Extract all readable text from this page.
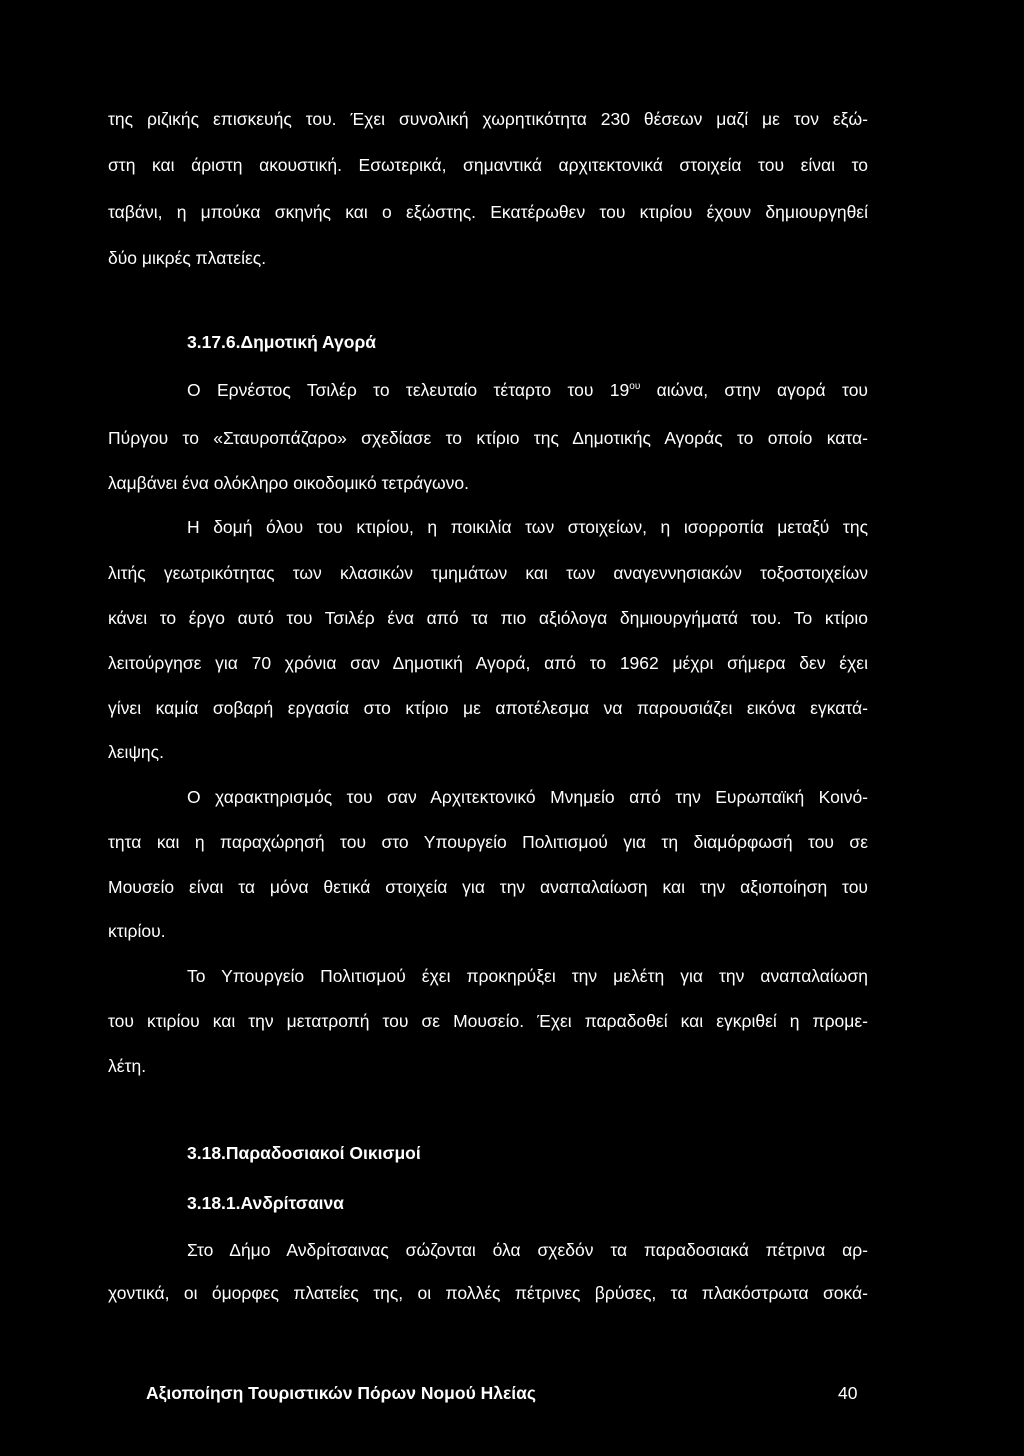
της ριζικής επισκευής του. Έχει συνολική χωρητικότητα 230 θέσεων μαζί με τον εξώ-
στη και άριστη ακουστική. Εσωτερικά, σημαντικά αρχιτεκτονικά στοιχεία του είναι το
ταβάνι, η μπούκα σκηνής και ο εξώστης. Εκατέρωθεν του κτιρίου έχουν δημιουργηθεί
δύο μικρές πλατείες.
3.17.6.Δημοτική Αγορά
Ο Ερνέστος Τσιλέρ το τελευταίο τέταρτο του $19^{o\upsilon}$ αιώνα, στην αγορά του
Πύργου το «Σταυροπάζαρο» σχεδίασε το κτίριο της Δημοτικής Αγοράς το οποίο κατα-
λαμβάνει ένα ολόκληρο οικοδομικό τετράγωνο.
Η δομή όλου του κτιρίου, η ποικιλία των στοιχείων, η ισορροπία μεταξύ της
λιτής γεωτρικότητας των κλασικών τμημάτων και των αναγεννησιακών τοξοστοιχείων
κάνει το έργο αυτό του Τσιλέρ ένα από τα πιο αξιόλογα δημιουργήματά του. Το κτίριο
λειτούργησε για 70 χρόνια σαν Δημοτική Αγορά, από το 1962 μέχρι σήμερα δεν έχει
γίνει καμία σοβαρή εργασία στο κτίριο με αποτέλεσμα να παρουσιάζει εικόνα εγκατά-
λειψης.
Ο χαρακτηρισμός του σαν Αρχιτεκτονικό Μνημείο από την Ευρωπαϊκή Κοινό-
τητα και η παραχώρησή του στο Υπουργείο Πολιτισμού για τη διαμόρφωσή του σε
Μουσείο είναι τα μόνα θετικά στοιχεία για την αναπαλαίωση και την αξιοποίηση του
κτιρίου.
Το Υπουργείο Πολιτισμού έχει προκηρύξει την μελέτη για την αναπαλαίωση
του κτιρίου και την μετατροπή του σε Μουσείο. Έχει παραδοθεί και εγκριθεί η προμε-
λέτη.
3.18.Παραδοσιακοί Οικισμοί
3.18.1.Ανδρίτσαινα
Στο Δήμο Ανδρίτσαινας σώζονται όλα σχεδόν τα παραδοσιακά πέτρινα αρ-
χοντικά, οι όμορφες πλατείες της, οι πολλές πέτρινες βρύσες, τα πλακόστρωτα σοκά-
Αξιοποίηση Τουριστικών Πόρων Νομού Ηλείας	40
